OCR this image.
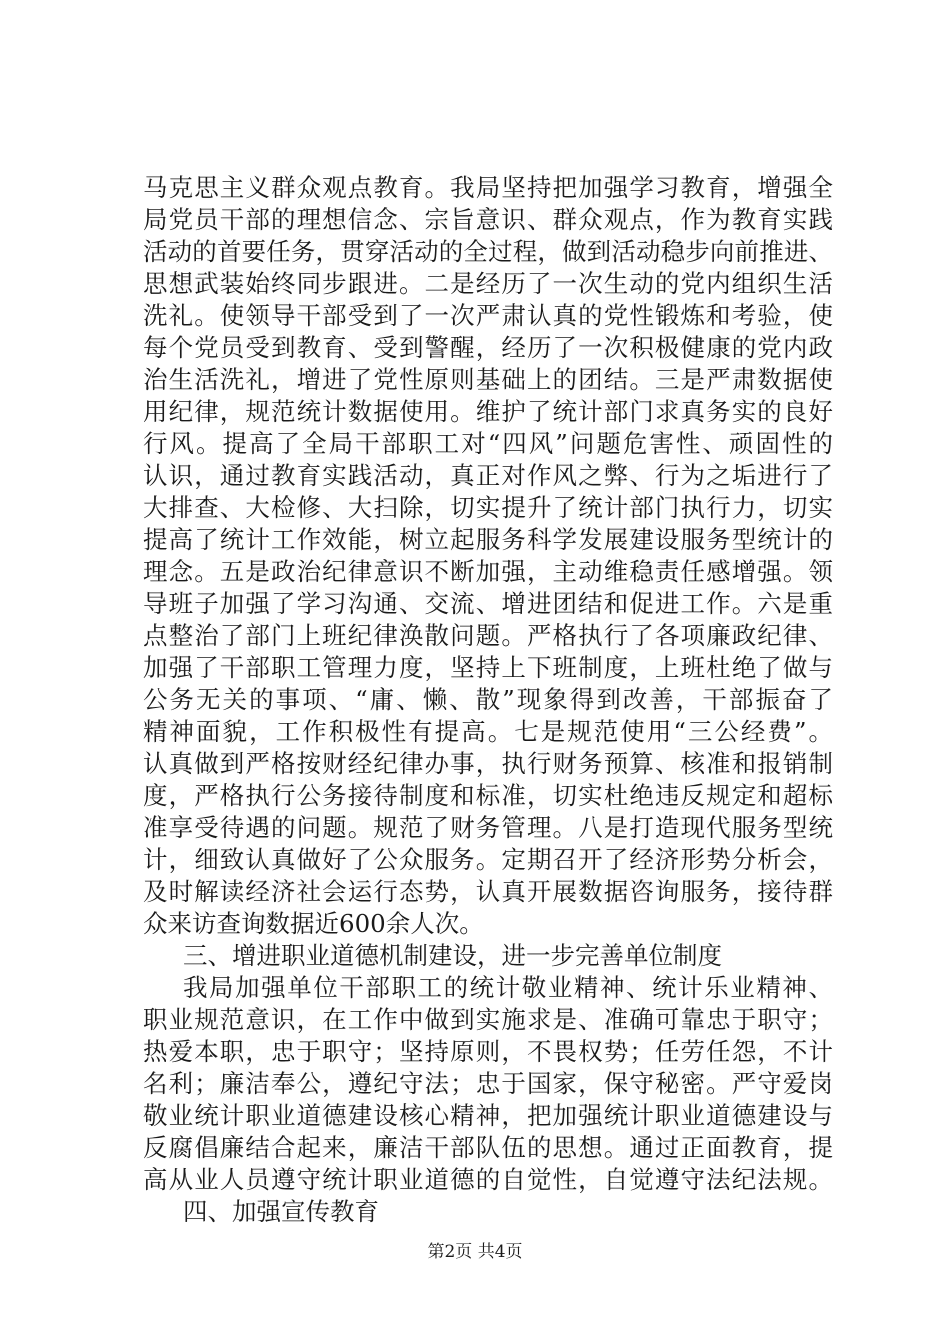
马克思主义群众观点教育。我局坚持把加强学习教育，增强全
局党员干部的理想信念、宗旨意识、群众观点，作为教育实践
活动的首要任务，贯穿活动的全过程，做到活动稳步向前推进、
思想武装始终同步跟进。二是经历了一次生动的党内组织生活
洗礼。使领导干部受到了一次严肃认真的党性锻炼和考验，使
每个党员受到教育、受到警醒，经历了一次积极健康的党内政
治生活洗礼，增进了党性原则基础上的团结。三是严肃数据使
用纪律，规范统计数据使用。维护了统计部门求真务实的良好
行风。提高了全局干部职工对“四风”问题危害性、顽固性的
认识，通过教育实践活动，真正对作风之弊、行为之垢进行了
大排查、大检修、大扫除，切实提升了统计部门执行力，切实
提高了统计工作效能，树立起服务科学发展建设服务型统计的
理念。五是政治纪律意识不断加强，主动维稳责任感增强。领
导班子加强了学习沟通、交流、增进团结和促进工作。六是重
点整治了部门上班纪律涣散问题。严格执行了各项廉政纪律、
加强了干部职工管理力度，坚持上下班制度，上班杜绝了做与
公务无关的事项、“庸、懒、散”现象得到改善，干部振奋了
精神面貌，工作积极性有提高。七是规范使用“三公经费”。
认真做到严格按财经纪律办事，执行财务预算、核准和报销制
度，严格执行公务接待制度和标准，切实杜绝违反规定和超标
准享受待遇的问题。规范了财务管理。八是打造现代服务型统
计，细致认真做好了公众服务。定期召开了经济形势分析会，
及时解读经济社会运行态势，认真开展数据咨询服务，接待群
众来访查询数据近600余人次。
三、增进职业道德机制建设，进一步完善单位制度
我局加强单位干部职工的统计敬业精神、统计乐业精神、
职业规范意识，在工作中做到实施求是、准确可靠忠于职守；
热爱本职，忠于职守；坚持原则，不畏权势；任劳任怨，不计
名利；廉洁奉公，遵纪守法；忠于国家，保守秘密。严守爱岗
敬业统计职业道德建设核心精神，把加强统计职业道德建设与
反腐倡廉结合起来，廉洁干部队伍的思想。通过正面教育，提
高从业人员遵守统计职业道德的自觉性，自觉遵守法纪法规。
四、加强宣传教育
第2页 共4页
